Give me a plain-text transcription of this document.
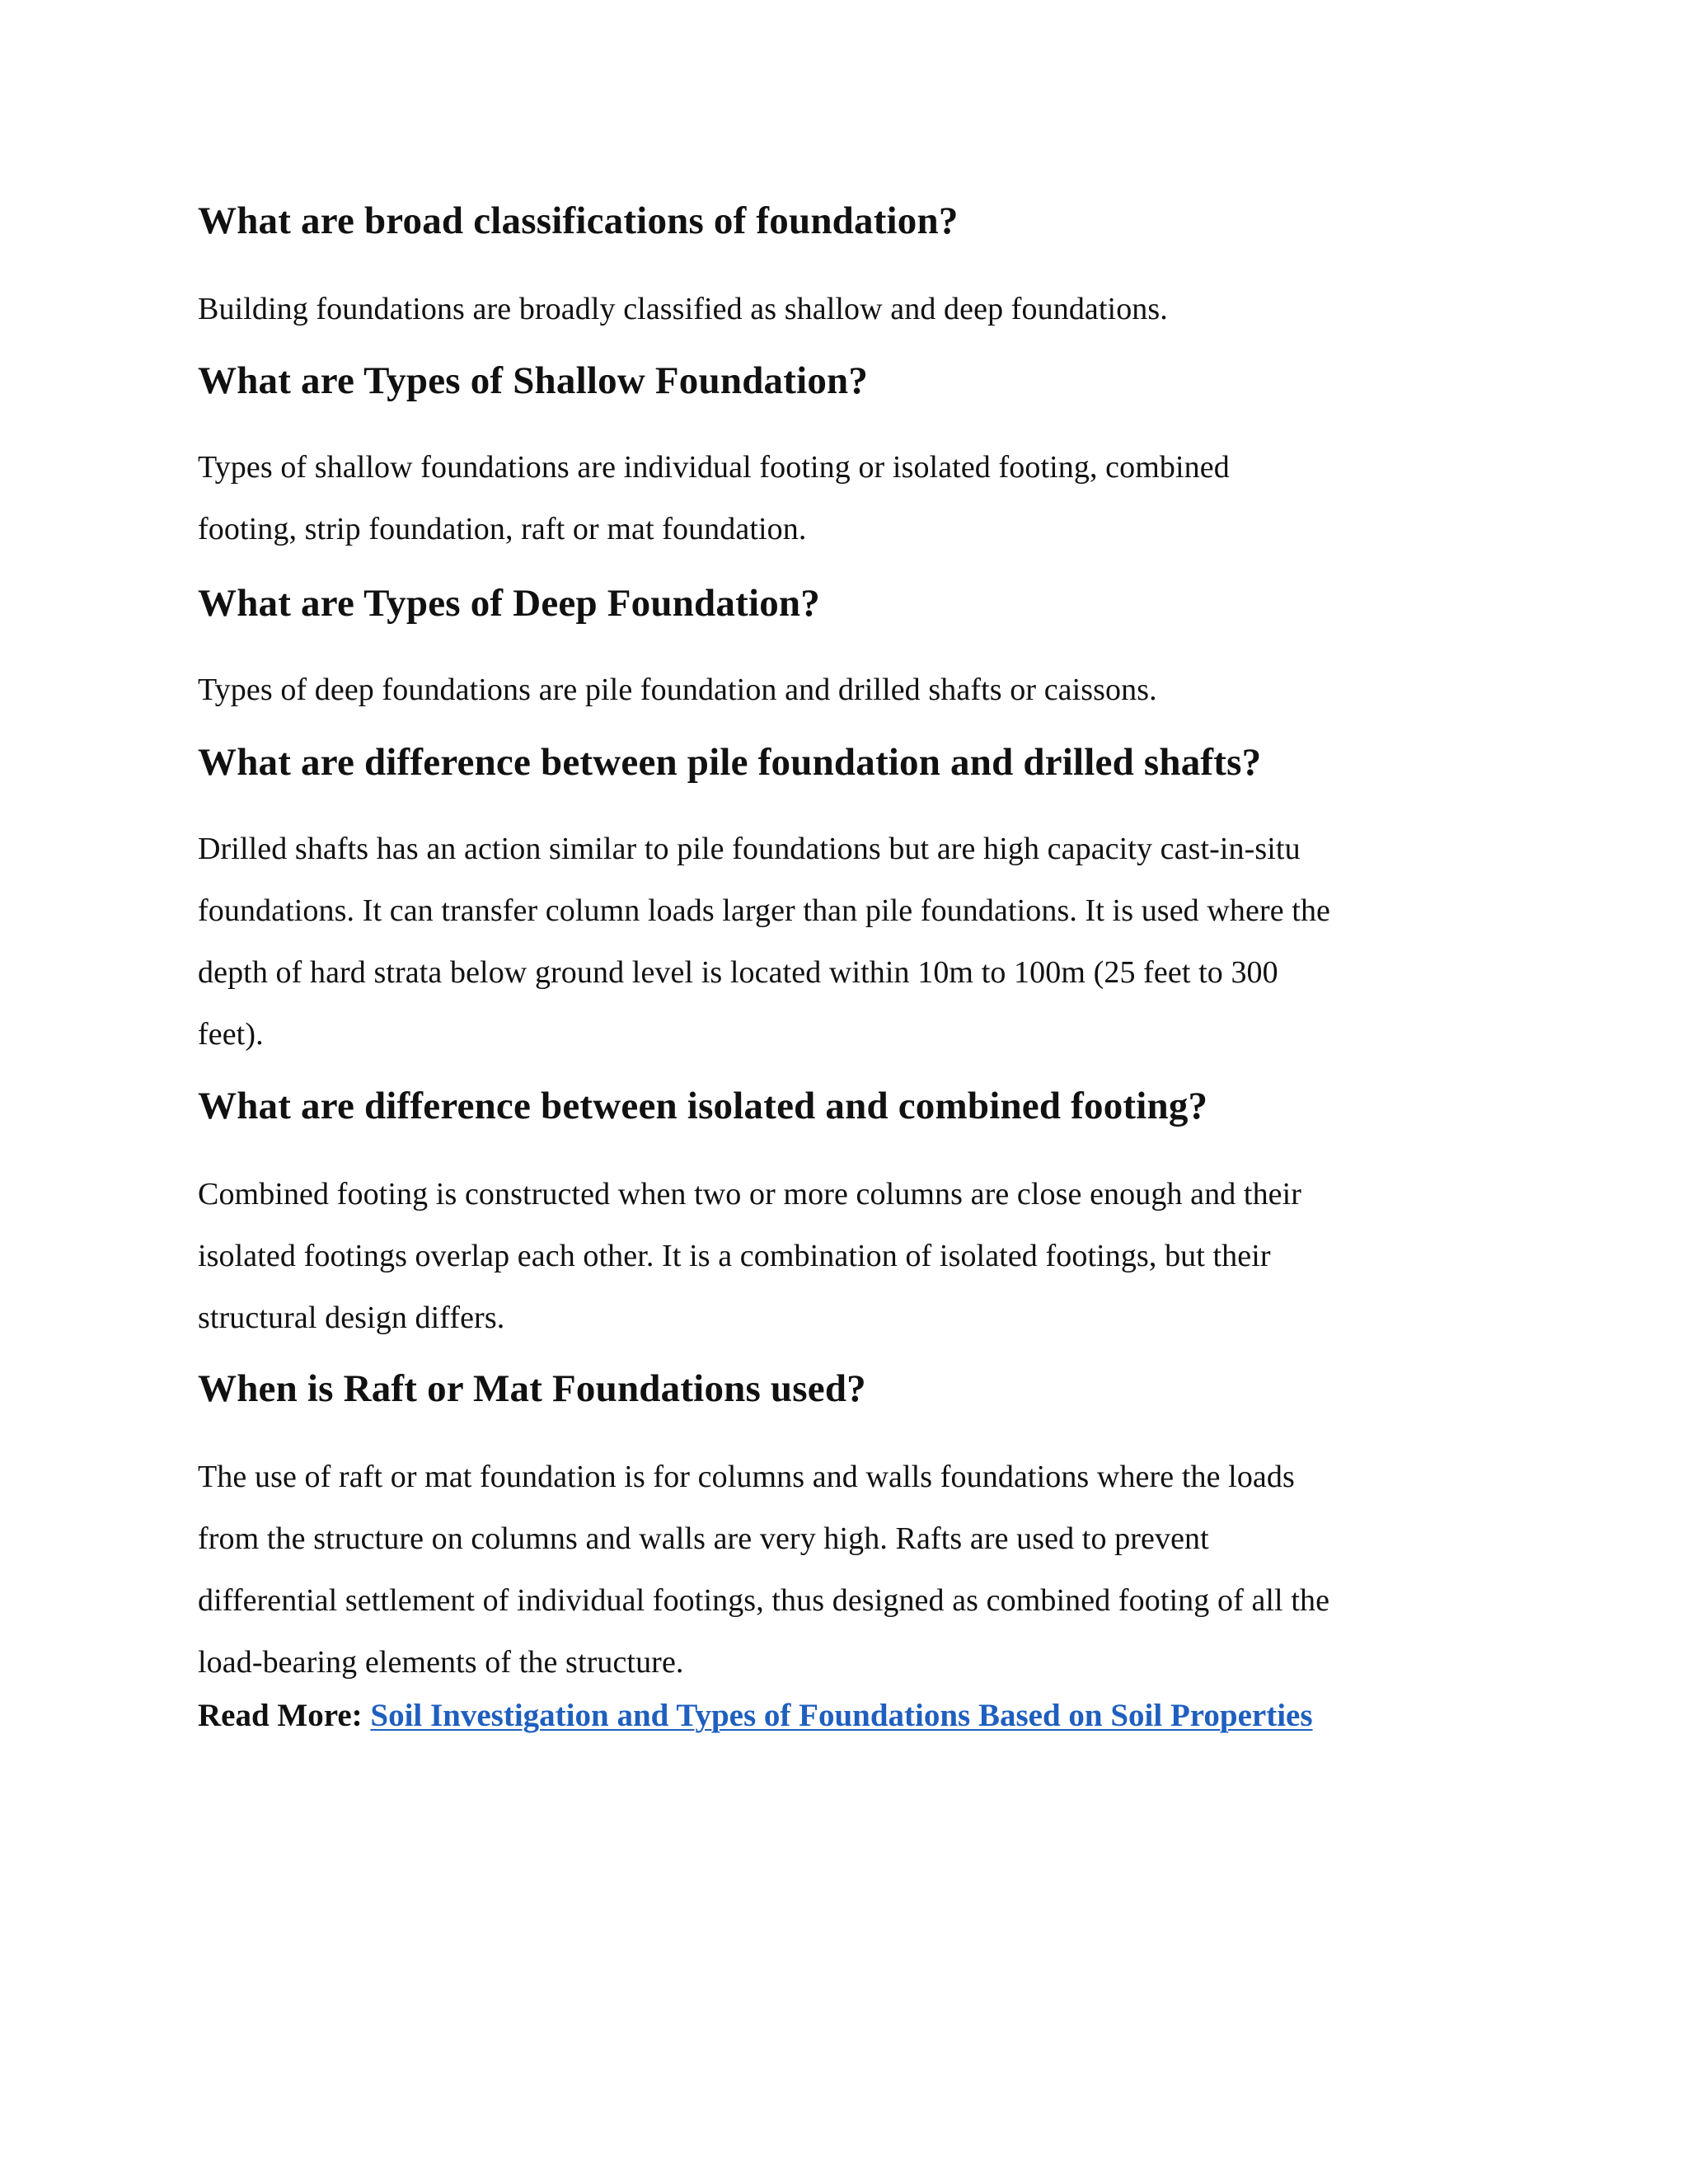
What are broad classifications of foundation?

Building foundations are broadly classified as shallow and deep foundations.

What are Types of Shallow Foundation?

Types of shallow foundations are individual footing or isolated footing, combined
footing, strip foundation, raft or mat foundation.

What are Types of Deep Foundation?

Types of deep foundations are pile foundation and drilled shafts or caissons.

What are difference between pile foundation and drilled shafts?

Drilled shafts has an action similar to pile foundations but are high capacity cast-in-situ
foundations. It can transfer column loads larger than pile foundations. It is used where the
depth of hard strata below ground level is located within 10m to 100m (25 feet to 300
feet).

What are difference between isolated and combined footing?

Combined footing is constructed when two or more columns are close enough and their
isolated footings overlap each other. It is a combination of isolated footings, but their
structural design differs.

When is Raft or Mat Foundations used?

The use of raft or mat foundation is for columns and walls foundations where the loads
from the structure on columns and walls are very high. Rafts are used to prevent
differential settlement of individual footings, thus designed as combined footing of all the
load-bearing elements of the structure.

Read More: Soil Investigation and Types of Foundations Based on Soil Properties
